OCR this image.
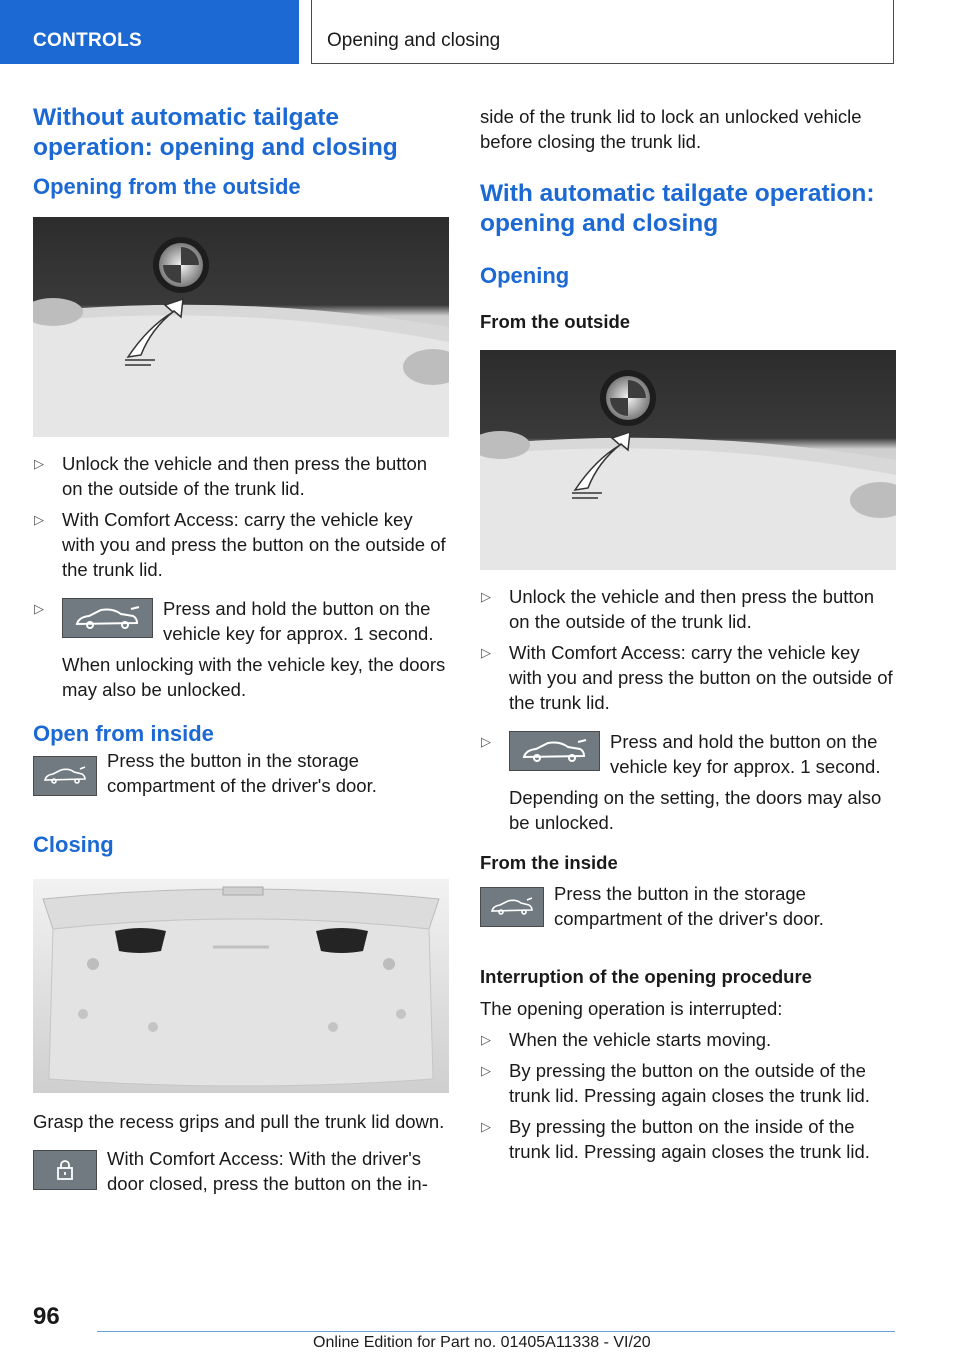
CONTROLS	Opening and closing
Without automatic tailgate operation: opening and closing
Opening from the outside
▷ Unlock the vehicle and then press the button on the outside of the trunk lid.
▷ With Comfort Access: carry the vehicle key with you and press the button on the outside of the trunk lid.
▷	Press and hold the button on the vehicle key for approx. 1 second.

When unlocking with the vehicle key, the doors may also be unlocked.

Open from inside
Press the button in the storage compartment of the driver's door.
Closing

Grasp the recess grips and pull the trunk lid down.

With Comfort Access: With the driver's door closed, press the button on the in-

side of the trunk lid to lock an unlocked vehicle before closing the trunk lid.

With automatic tailgate operation: opening and closing
Opening
From the outside
▷ Unlock the vehicle and then press the button on the outside of the trunk lid.
▷ With Comfort Access: carry the vehicle key with you and press the button on the outside of the trunk lid.
▷	Press and hold the button on the vehicle key for approx. 1 second.

Depending on the setting, the doors may also be unlocked.

From the inside
Press the button in the storage compartment of the driver's door.
Interruption of the opening procedure

The opening operation is interrupted:

▷ When the vehicle starts moving.
▷ By pressing the button on the outside of the trunk lid. Pressing again closes the trunk lid.
▷ By pressing the button on the inside of the trunk lid. Pressing again closes the trunk lid.
96
Online Edition for Part no. 01405A11338 - VI/20
